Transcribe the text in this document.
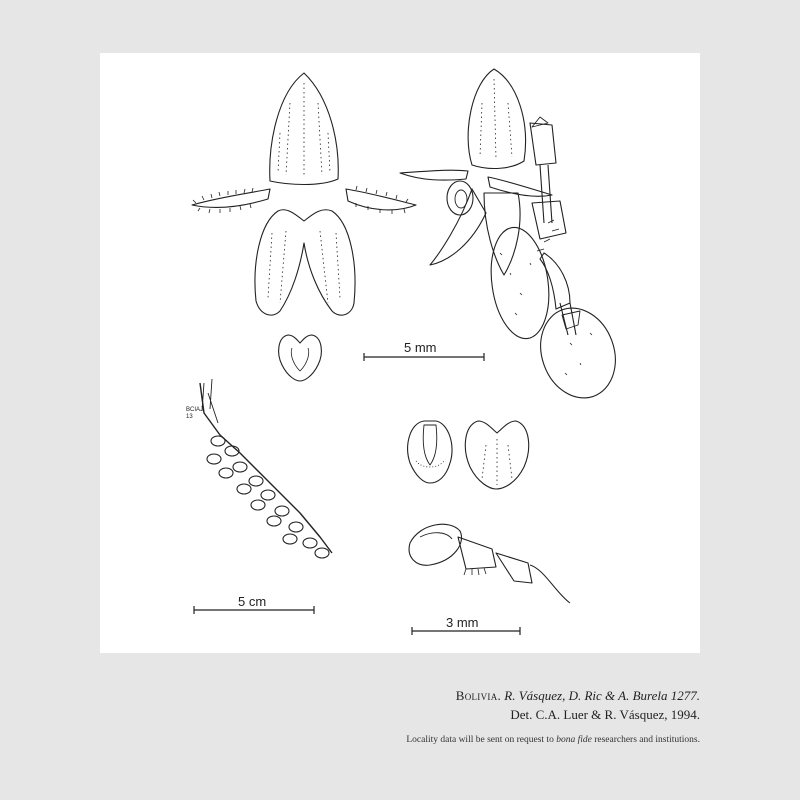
5 mm
5 cm
3 mm
BCIAJ
13
Bolivia. R. Vásquez, D. Ric & A. Burela 1277.
Det. C.A. Luer & R. Vásquez, 1994.
Locality data will be sent on request to bona fide researchers and institutions.
